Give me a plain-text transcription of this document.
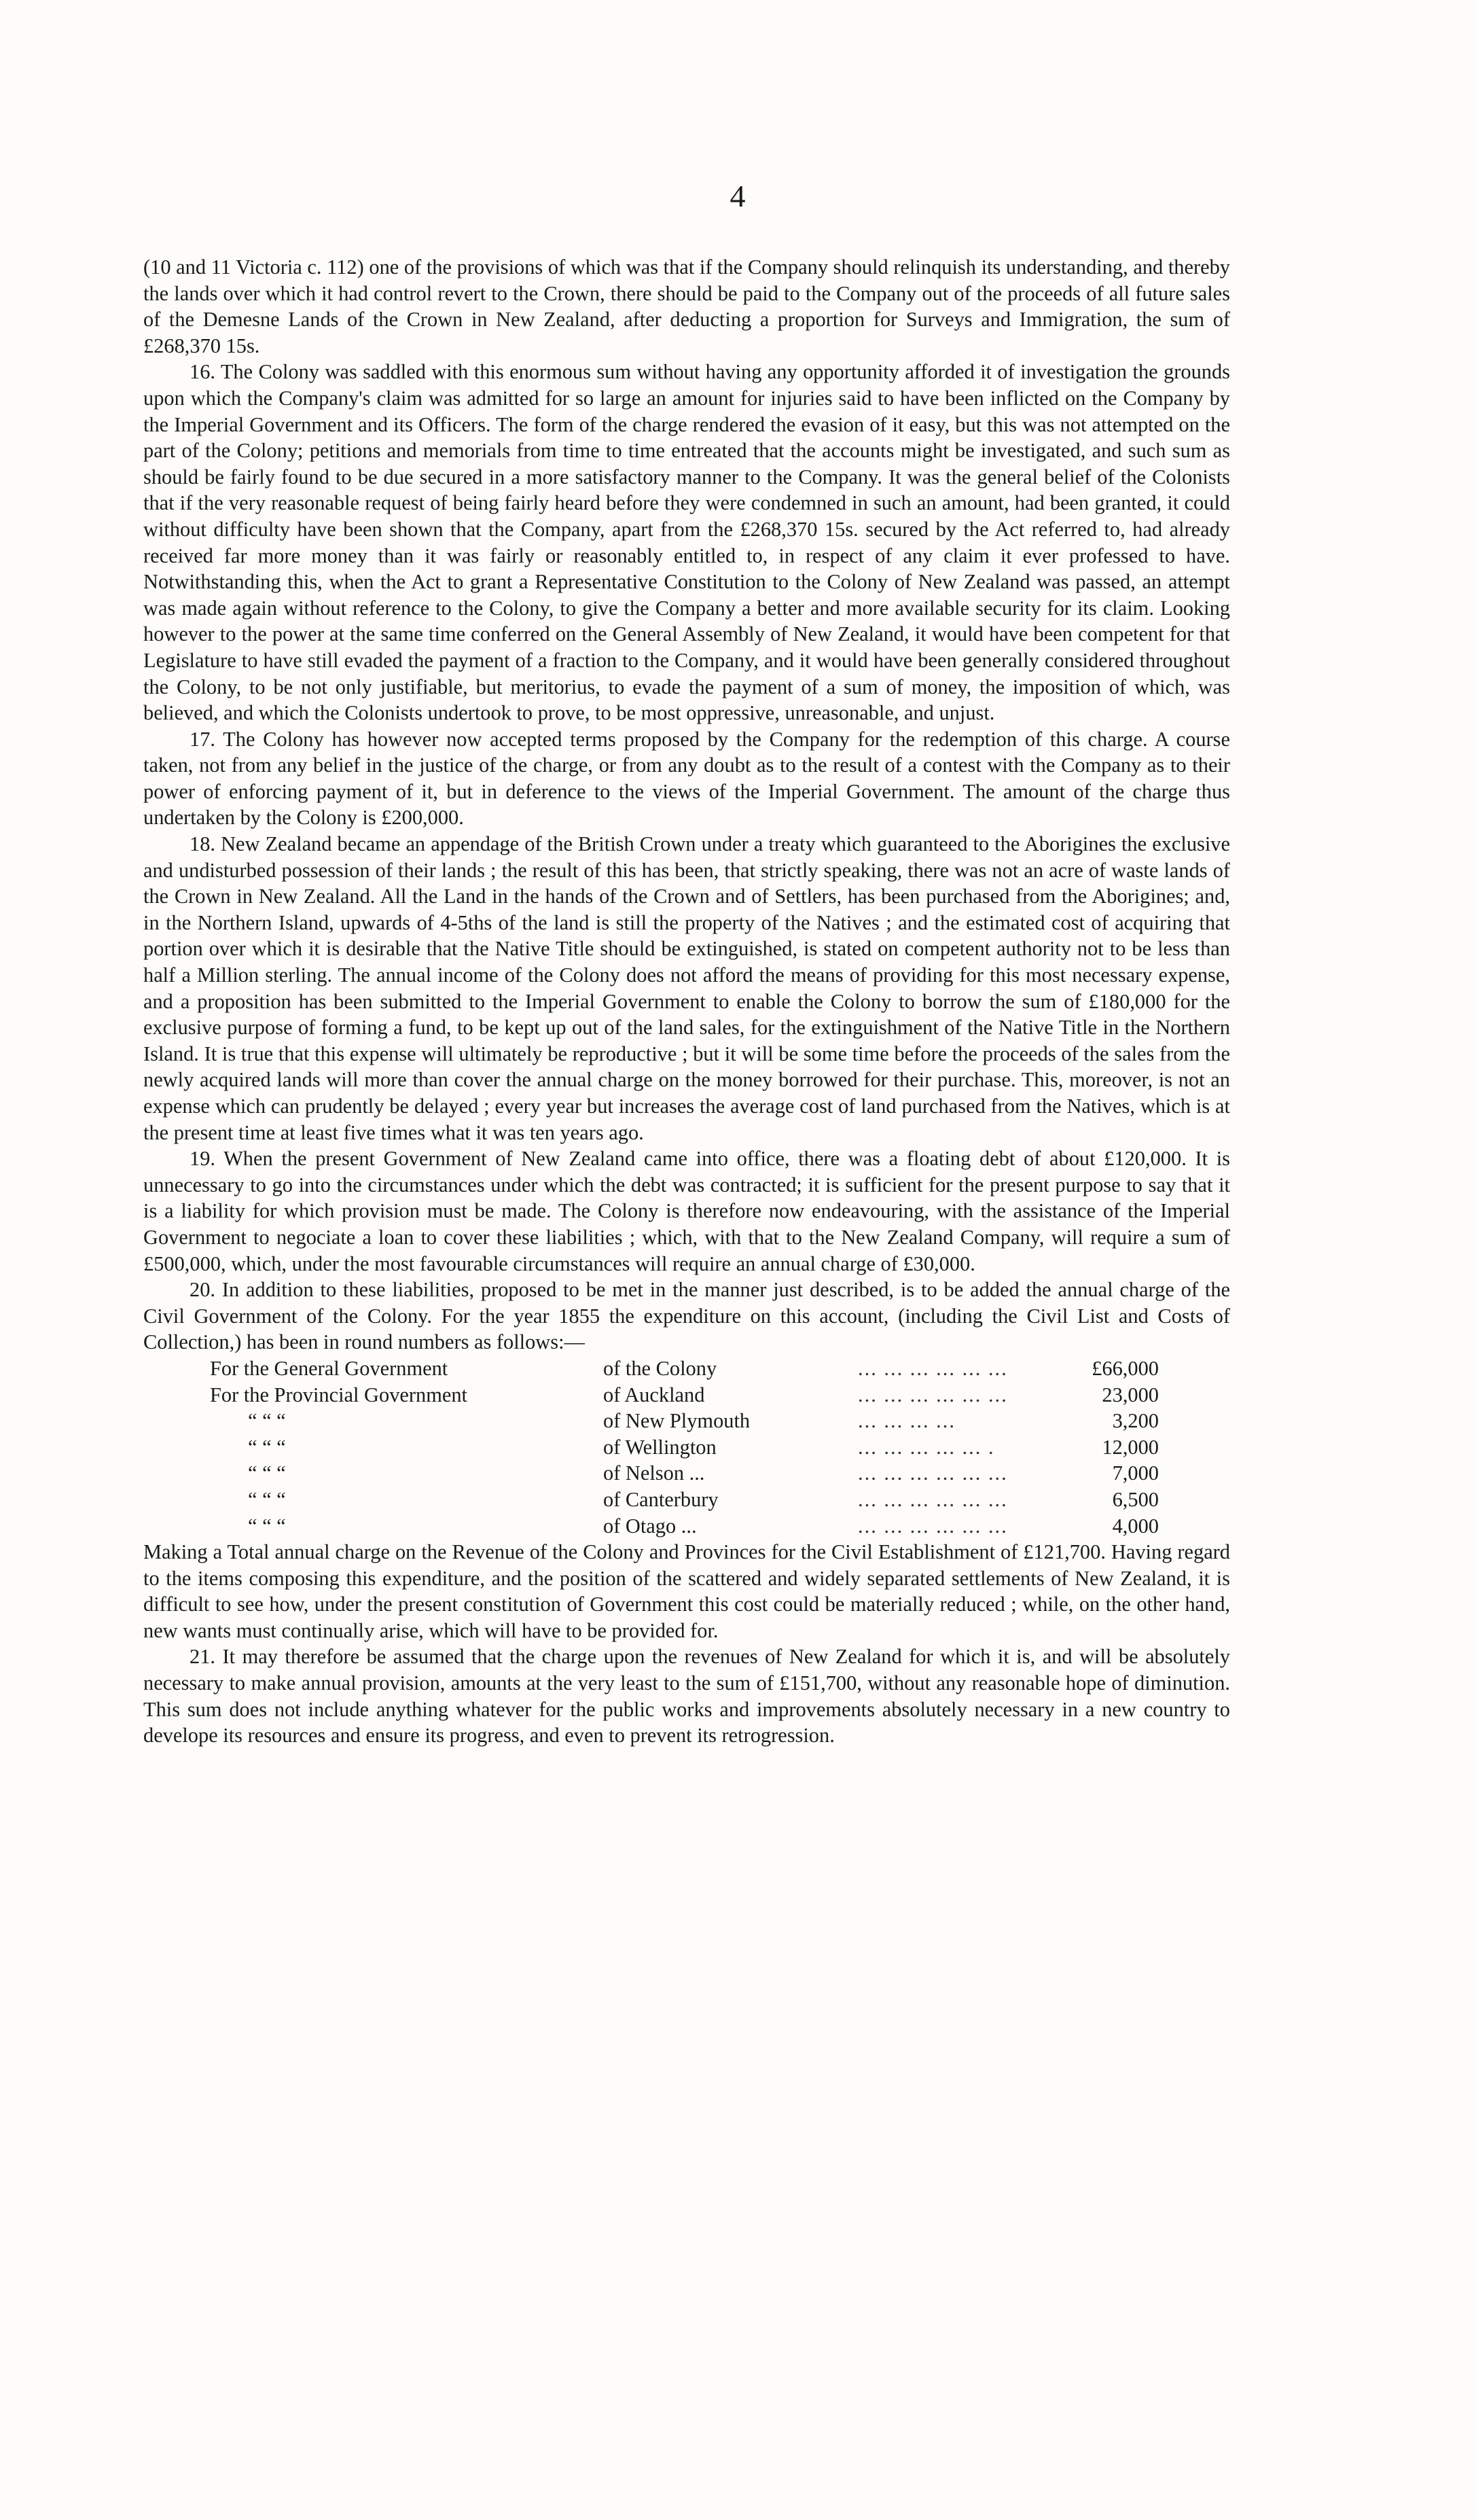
4

(10 and 11 Victoria c. 112) one of the provisions of which was that if the Company should relinquish its understanding, and thereby the lands over which it had control revert to the Crown, there should be paid to the Company out of the proceeds of all future sales of the Demesne Lands of the Crown in New Zealand, after deducting a proportion for Surveys and Immigration, the sum of £268,370 15s.

16. The Colony was saddled with this enormous sum without having any opportunity afforded it of investigation the grounds upon which the Company's claim was admitted for so large an amount for injuries said to have been inflicted on the Company by the Imperial Government and its Officers. The form of the charge rendered the evasion of it easy, but this was not attempted on the part of the Colony; petitions and memorials from time to time entreated that the accounts might be investigated, and such sum as should be fairly found to be due secured in a more satisfactory manner to the Company. It was the general belief of the Colonists that if the very reasonable request of being fairly heard before they were condemned in such an amount, had been granted, it could without difficulty have been shown that the Company, apart from the £268,370 15s. secured by the Act referred to, had already received far more money than it was fairly or reasonably entitled to, in respect of any claim it ever professed to have. Notwithstanding this, when the Act to grant a Representative Constitution to the Colony of New Zealand was passed, an attempt was made again without reference to the Colony, to give the Company a better and more available security for its claim. Looking however to the power at the same time conferred on the General Assembly of New Zealand, it would have been competent for that Legislature to have still evaded the payment of a fraction to the Company, and it would have been generally considered throughout the Colony, to be not only justifiable, but meritorius, to evade the payment of a sum of money, the imposition of which, was believed, and which the Colonists undertook to prove, to be most oppressive, unreasonable, and unjust.

17. The Colony has however now accepted terms proposed by the Company for the redemption of this charge. A course taken, not from any belief in the justice of the charge, or from any doubt as to the result of a contest with the Company as to their power of enforcing payment of it, but in deference to the views of the Imperial Government. The amount of the charge thus undertaken by the Colony is £200,000.

18. New Zealand became an appendage of the British Crown under a treaty which guaranteed to the Aborigines the exclusive and undisturbed possession of their lands ; the result of this has been, that strictly speaking, there was not an acre of waste lands of the Crown in New Zealand. All the Land in the hands of the Crown and of Settlers, has been purchased from the Aborigines; and, in the Northern Island, upwards of 4-5ths of the land is still the property of the Natives ; and the estimated cost of acquiring that portion over which it is desirable that the Native Title should be extinguished, is stated on competent authority not to be less than half a Million sterling. The annual income of the Colony does not afford the means of providing for this most necessary expense, and a proposition has been submitted to the Imperial Government to enable the Colony to borrow the sum of £180,000 for the exclusive purpose of forming a fund, to be kept up out of the land sales, for the extinguishment of the Native Title in the Northern Island. It is true that this expense will ultimately be reproductive ; but it will be some time before the proceeds of the sales from the newly acquired lands will more than cover the annual charge on the money borrowed for their purchase. This, moreover, is not an expense which can prudently be delayed ; every year but increases the average cost of land purchased from the Natives, which is at the present time at least five times what it was ten years ago.

19. When the present Government of New Zealand came into office, there was a floating debt of about £120,000. It is unnecessary to go into the circumstances under which the debt was contracted; it is sufficient for the present purpose to say that it is a liability for which provision must be made. The Colony is therefore now endeavouring, with the assistance of the Imperial Government to negociate a loan to cover these liabilities ; which, with that to the New Zealand Company, will require a sum of £500,000, which, under the most favourable circumstances will require an annual charge of £30,000.

20. In addition to these liabilities, proposed to be met in the manner just described, is to be added the annual charge of the Civil Government of the Colony. For the year 1855 the expenditure on this account, (including the Civil List and Costs of Collection,) has been in round numbers as follows:—

For the General Government	of the Colony	... ... ... ... ... ...	£66,000
For the Provincial Government	of Auckland	... ... ... ... ... ...	23,000
“ “ “	of New Plymouth	... ... ... ...	3,200
“ “ “	of Wellington	... ... ... ... ... .	12,000
“ “ “	of Nelson ...	... ... ... ... ... ...	7,000
“ “ “	of Canterbury	... ... ... ... ... ...	6,500
“ “ “	of Otago ...	... ... ... ... ... ...	4,000

Making a Total annual charge on the Revenue of the Colony and Provinces for the Civil Establishment of £121,700. Having regard to the items composing this expenditure, and the position of the scattered and widely separated settlements of New Zealand, it is difficult to see how, under the present constitution of Government this cost could be materially reduced ; while, on the other hand, new wants must continually arise, which will have to be provided for.

21. It may therefore be assumed that the charge upon the revenues of New Zealand for which it is, and will be absolutely necessary to make annual provision, amounts at the very least to the sum of £151,700, without any reasonable hope of diminution. This sum does not include anything whatever for the public works and improvements absolutely necessary in a new country to develope its resources and ensure its progress, and even to prevent its retrogression.
